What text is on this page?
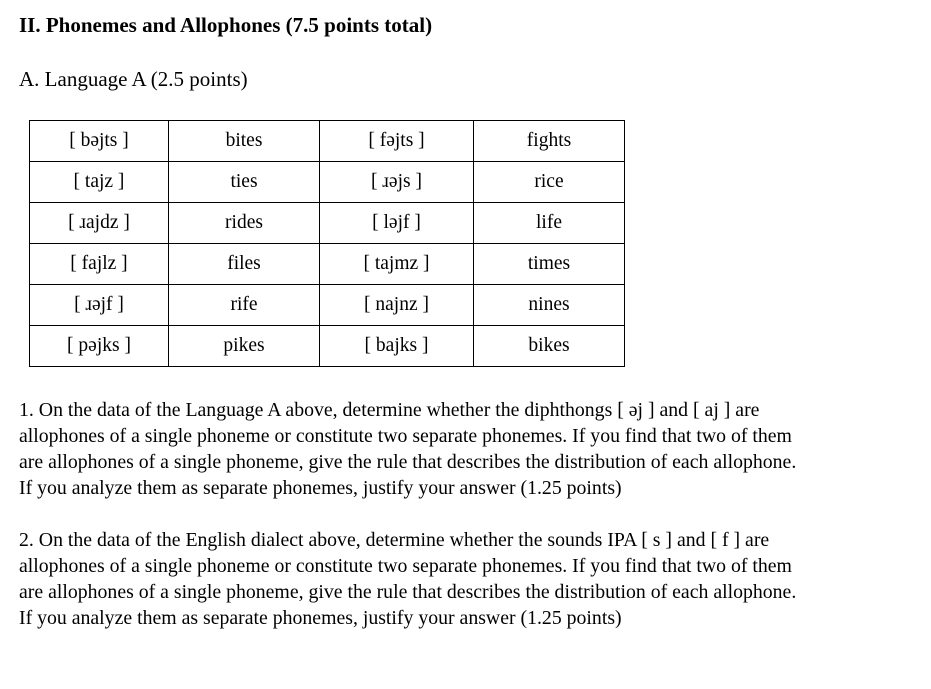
II. Phonemes and Allophones (7.5 points total)
A. Language A (2.5 points)
[ bəjts ]	bites	[ fəjts ]	fights
[ tajz ]	ties	[ ɹəjs ]	rice
[ ɹajdz ]	rides	[ ləjf ]	life
[ fajlz ]	files	[ tajmz ]	times
[ ɹəjf ]	rife	[ najnz ]	nines
[ pəjks ]	pikes	[ bajks ]	bikes

1. On the data of the Language A above, determine whether the diphthongs [ əj ] and [ aj ] are
allophones of a single phoneme or constitute two separate phonemes. If you find that two of them
are allophones of a single phoneme, give the rule that describes the distribution of each allophone.
If you analyze them as separate phonemes, justify your answer (1.25 points)

2. On the data of the English dialect above, determine whether the sounds IPA [ s ] and [ f ] are
allophones of a single phoneme or constitute two separate phonemes. If you find that two of them
are allophones of a single phoneme, give the rule that describes the distribution of each allophone.
If you analyze them as separate phonemes, justify your answer (1.25 points)
